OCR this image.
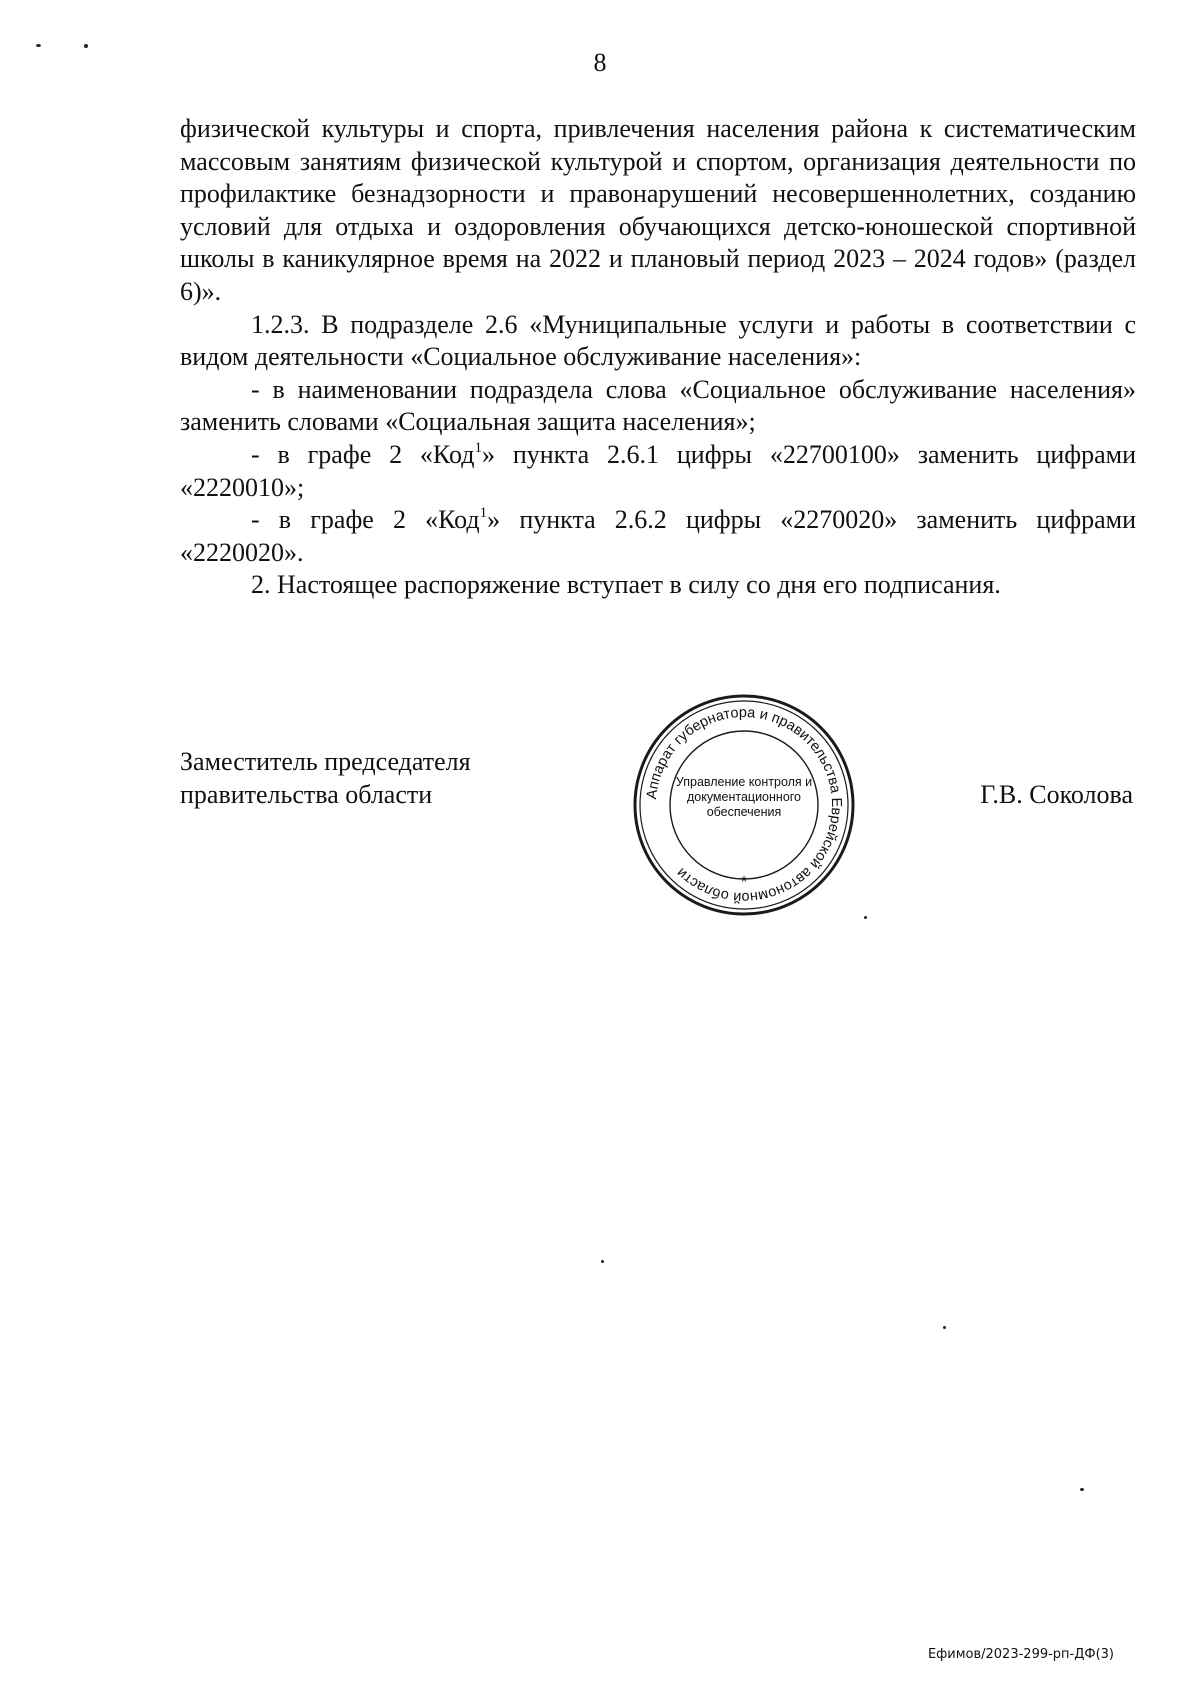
8

физической культуры и спорта, привлечения населения района к систематическим массовым занятиям физической культурой и спортом, организация деятельности по профилактике безнадзорности и правонарушений несовершеннолетних, созданию условий для отдыха и оздоровления обучающихся детско-юношеской спортивной школы в каникулярное время на 2022 и плановый период 2023 – 2024 годов» (раздел 6)».

1.2.3. В подразделе 2.6 «Муниципальные услуги и работы в соответствии с видом деятельности «Социальное обслуживание населения»:

- в наименовании подраздела слова «Социальное обслуживание населения» заменить словами «Социальная защита населения»;

- в графе 2 «Код$^1$» пункта 2.6.1 цифры «22700100» заменить цифрами «2220010»;

- в графе 2 «Код$^1$» пункта 2.6.2 цифры «2270020» заменить цифрами «2220020».

2. Настоящее распоряжение вступает в силу со дня его подписания.

Заместитель председателя
правительства области	Аппарат губернатора и правительства Еврейской автономной области
*
Управление контроля и
документационного
обеспечения
Г.В. Соколова
Ефимов/2023-299-рп-ДФ(3)
